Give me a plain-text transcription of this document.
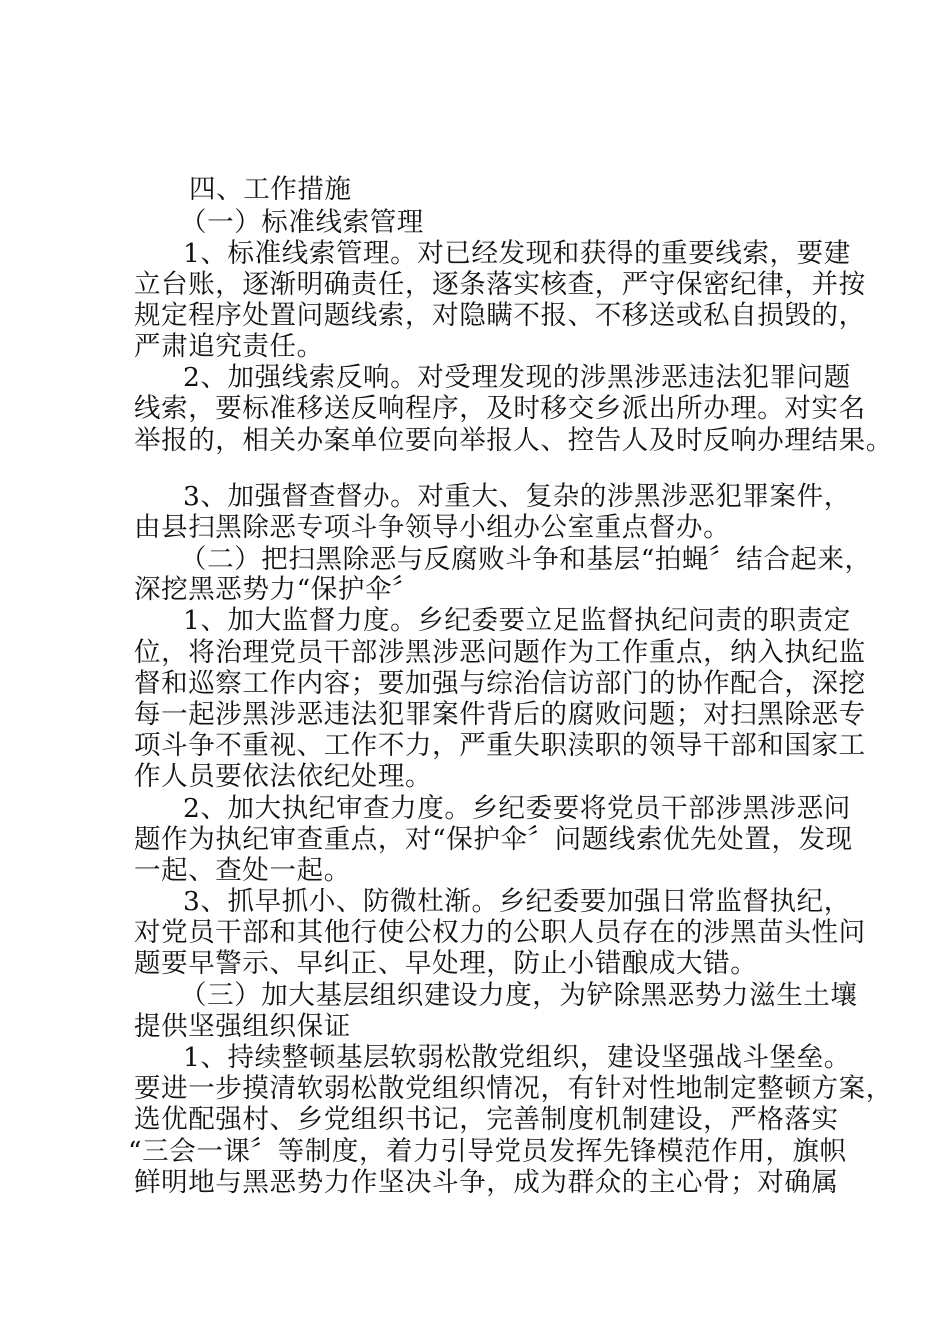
四、工作措施
（一）标准线索管理
1、标准线索管理。对已经发现和获得的重要线索，要建
立台账，逐渐明确责任，逐条落实核查，严守保密纪律，并按
规定程序处置问题线索，对隐瞒不报、不移送或私自损毁的，
严肃追究责任。
2、加强线索反响。对受理发现的涉黑涉恶违法犯罪问题
线索，要标准移送反响程序，及时移交乡派出所办理。对实名
举报的，相关办案单位要向举报人、控告人及时反响办理结果。
3、加强督查督办。对重大、复杂的涉黑涉恶犯罪案件，
由县扫黑除恶专项斗争领导小组办公室重点督办。
（二）把扫黑除恶与反腐败斗争和基层“拍蝇〞结合起来，
深挖黑恶势力“保护伞〞
1、加大监督力度。乡纪委要立足监督执纪问责的职责定
位，将治理党员干部涉黑涉恶问题作为工作重点，纳入执纪监
督和巡察工作内容；要加强与综治信访部门的协作配合，深挖
每一起涉黑涉恶违法犯罪案件背后的腐败问题；对扫黑除恶专
项斗争不重视、工作不力，严重失职渎职的领导干部和国家工
作人员要依法依纪处理。
2、加大执纪审查力度。乡纪委要将党员干部涉黑涉恶问
题作为执纪审查重点，对“保护伞〞问题线索优先处置，发现
一起、查处一起。
3、抓早抓小、防微杜渐。乡纪委要加强日常监督执纪，
对党员干部和其他行使公权力的公职人员存在的涉黑苗头性问
题要早警示、早纠正、早处理，防止小错酿成大错。
（三）加大基层组织建设力度，为铲除黑恶势力滋生土壤
提供坚强组织保证
1、持续整顿基层软弱松散党组织，建设坚强战斗堡垒。
要进一步摸清软弱松散党组织情况，有针对性地制定整顿方案，
选优配强村、乡党组织书记，完善制度机制建设，严格落实
“三会一课〞等制度，着力引导党员发挥先锋模范作用，旗帜
鲜明地与黑恶势力作坚决斗争，成为群众的主心骨；对确属
